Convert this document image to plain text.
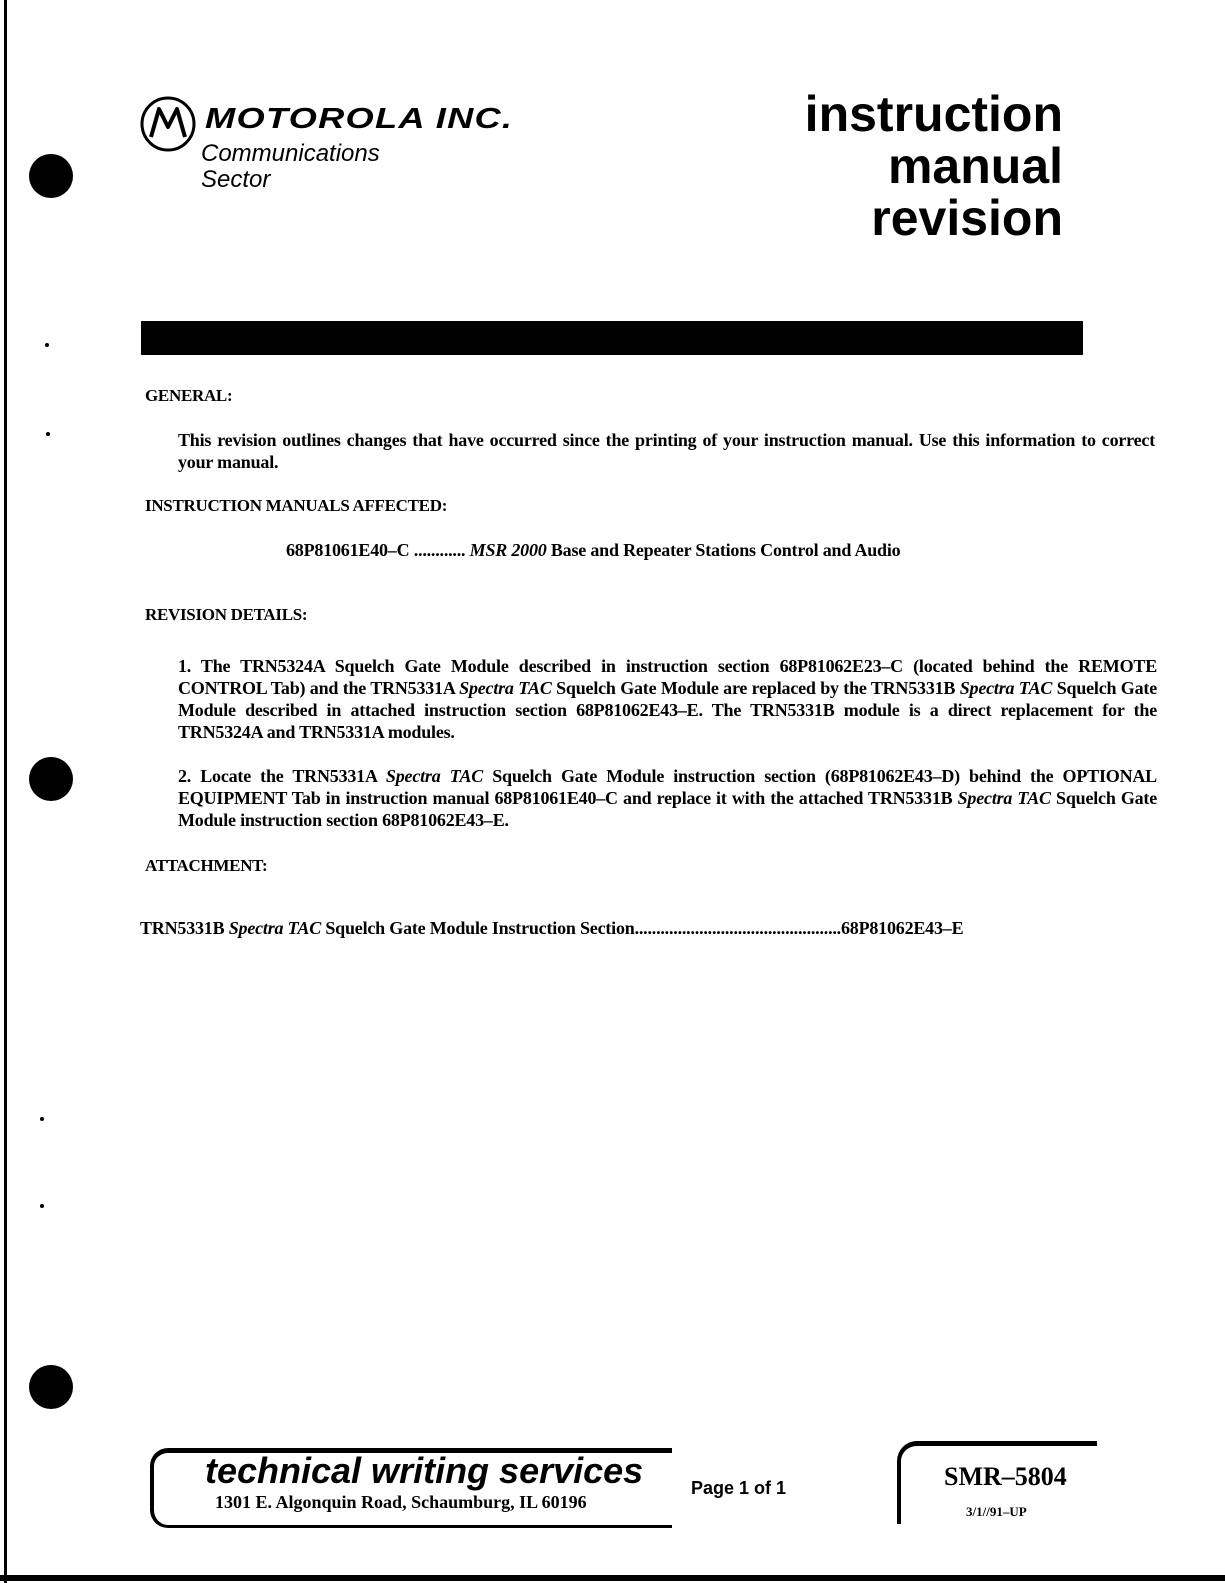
MOTOROLA INC.
Communications
Sector
instruction
manual
revision
GENERAL:
This revision outlines changes that have occurred since the printing of your instruction manual. Use this information to correct your manual.
INSTRUCTION MANUALS AFFECTED:
68P81061E40–C ............ MSR 2000 Base and Repeater Stations Control and Audio
REVISION DETAILS:
1. The TRN5324A Squelch Gate Module described in instruction section 68P81062E23–C (located behind the REMOTE CONTROL Tab) and the TRN5331A Spectra TAC Squelch Gate Module are replaced by the TRN5331B Spectra TAC Squelch Gate Module described in attached instruction section 68P81062E43–E. The TRN5331B module is a direct replacement for the TRN5324A and TRN5331A modules.
2. Locate the TRN5331A Spectra TAC Squelch Gate Module instruction section (68P81062E43–D) behind the OPTIONAL EQUIPMENT Tab in instruction manual 68P81061E40–C and replace it with the attached TRN5331B Spectra TAC Squelch Gate Module instruction section 68P81062E43–E.
ATTACHMENT:
TRN5331B Spectra TAC Squelch Gate Module Instruction Section................................................68P81062E43–E
technical writing services
1301 E. Algonquin Road, Schaumburg, IL 60196
Page 1 of 1	SMR–5804
3/1//91–UP
